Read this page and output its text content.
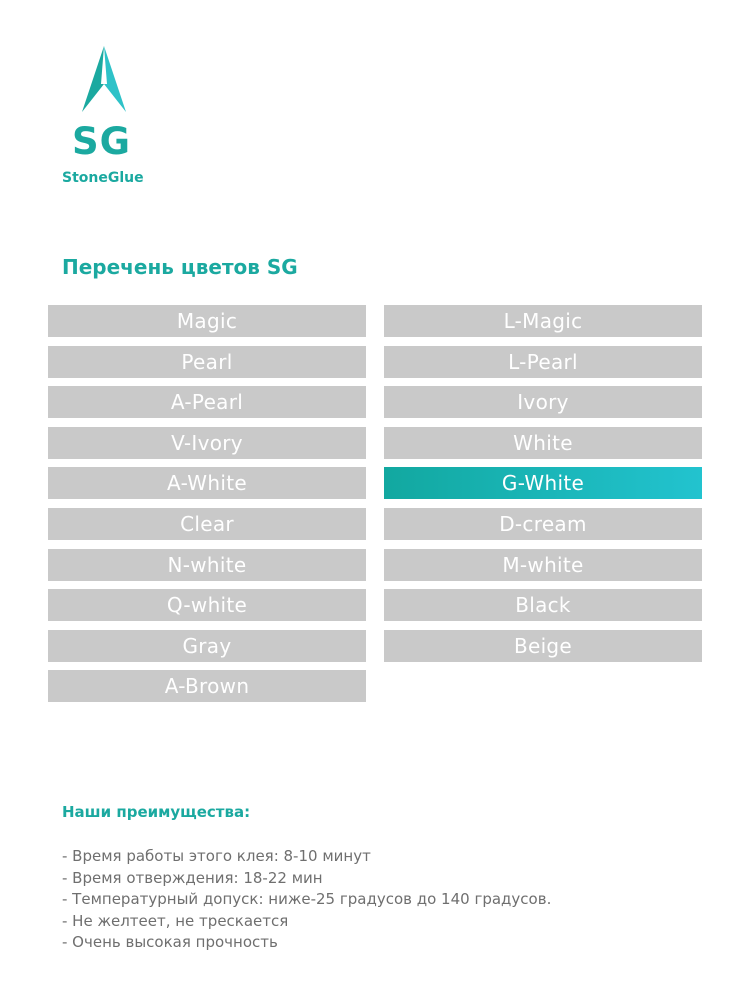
SG
StoneGlue
Перечень цветов SG
Magic
Pearl
A-Pearl
V-Ivory
A-White
Clear
N-white
Q-white
Gray
A-Brown
L-Magic
L-Pearl
Ivory
White
G-White
D-cream
M-white
Black
Beige
Наши преимущества:
- Время работы этого клея: 8-10 минут
- Время отверждения: 18-22 мин
- Температурный допуск: ниже-25 градусов до 140 градусов.
- Не желтеет, не трескается
- Очень высокая прочность
